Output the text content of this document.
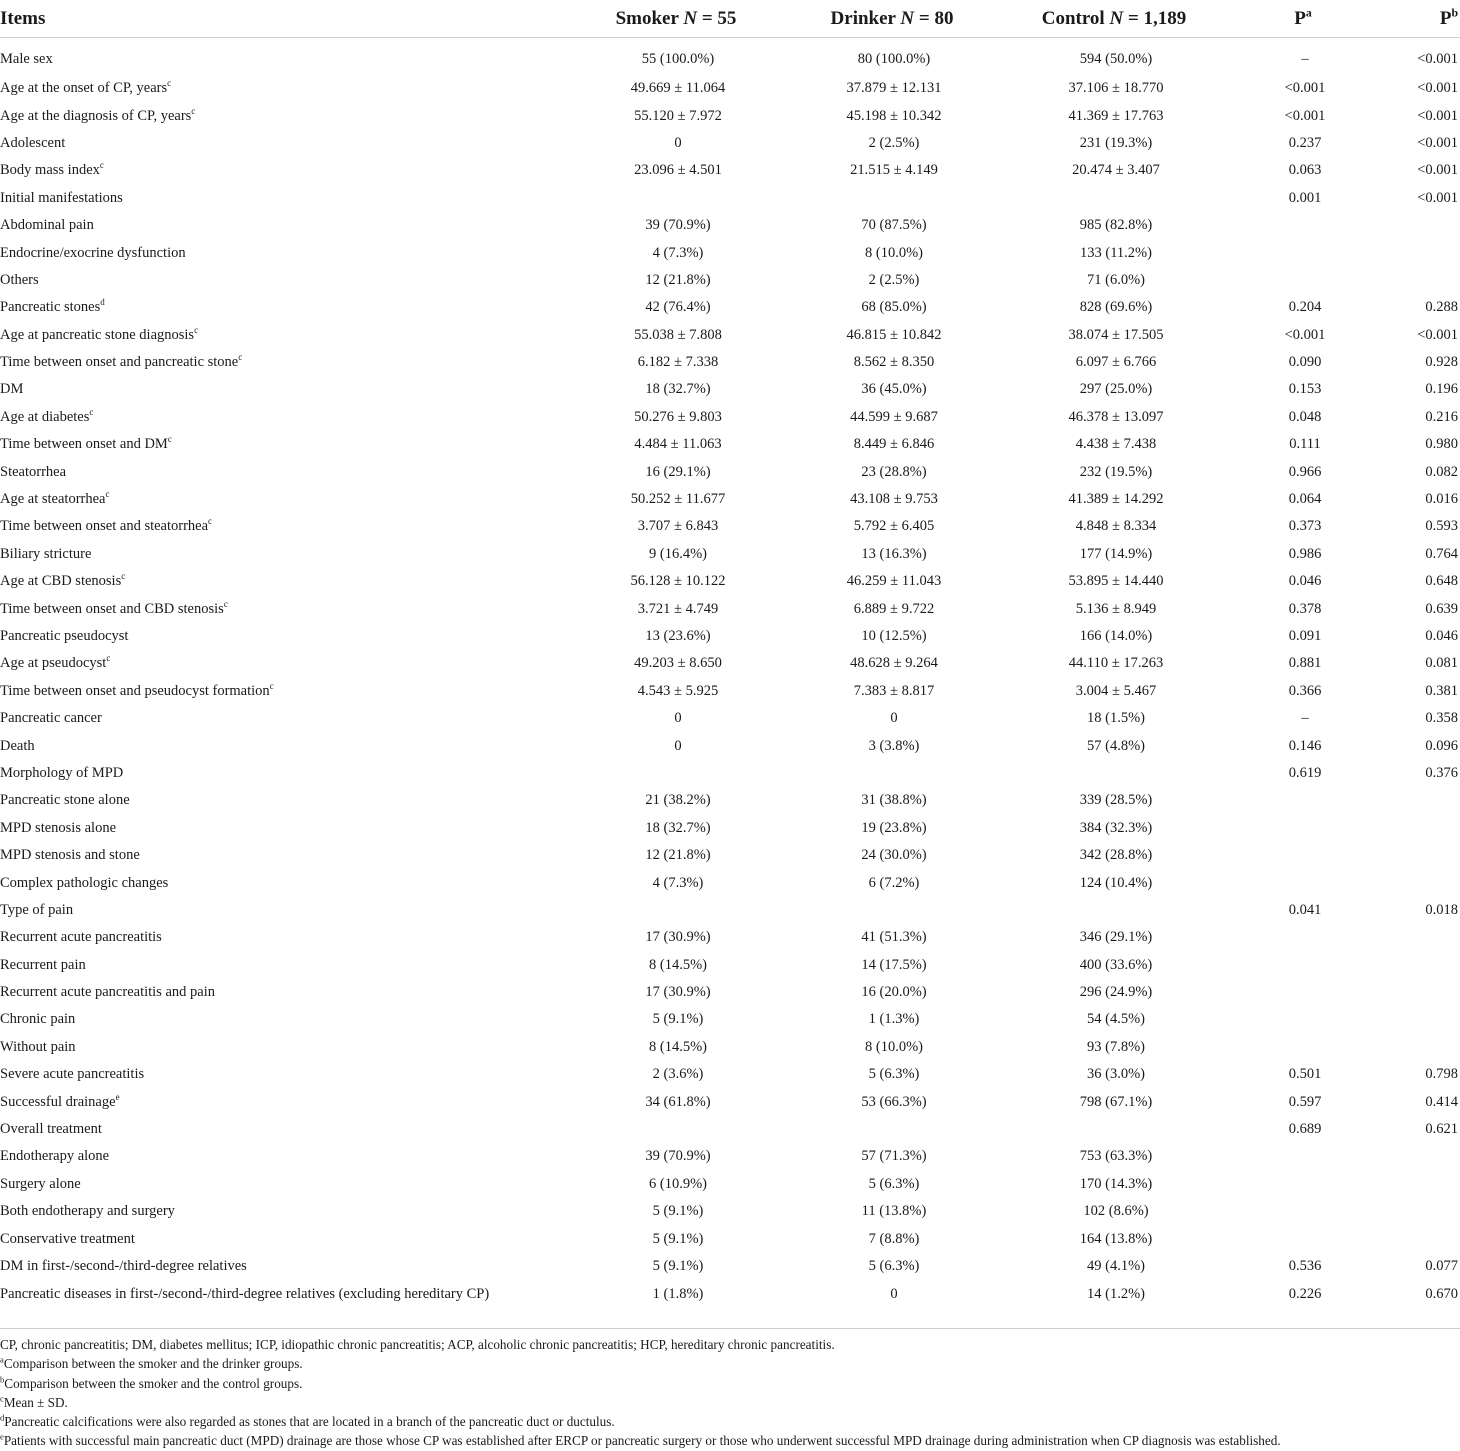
Items	Smoker N = 55	Drinker N = 80	Control N = 1,189	$P^a$	$P^b$
Male sex	55 (100.0%)	80 (100.0%)	594 (50.0%)	–	<0.001
Age at the onset of CP, years$^c$	49.669 ± 11.064	37.879 ± 12.131	37.106 ± 18.770	<0.001	<0.001
Age at the diagnosis of CP, years$^c$	55.120 ± 7.972	45.198 ± 10.342	41.369 ± 17.763	<0.001	<0.001
Adolescent	0	2 (2.5%)	231 (19.3%)	0.237	<0.001
Body mass index$^c$	23.096 ± 4.501	21.515 ± 4.149	20.474 ± 3.407	0.063	<0.001
Initial manifestations				0.001	<0.001
Abdominal pain	39 (70.9%)	70 (87.5%)	985 (82.8%)		
Endocrine/exocrine dysfunction	4 (7.3%)	8 (10.0%)	133 (11.2%)		
Others	12 (21.8%)	2 (2.5%)	71 (6.0%)		
Pancreatic stones$^d$	42 (76.4%)	68 (85.0%)	828 (69.6%)	0.204	0.288
Age at pancreatic stone diagnosis$^c$	55.038 ± 7.808	46.815 ± 10.842	38.074 ± 17.505	<0.001	<0.001
Time between onset and pancreatic stone$^c$	6.182 ± 7.338	8.562 ± 8.350	6.097 ± 6.766	0.090	0.928
DM	18 (32.7%)	36 (45.0%)	297 (25.0%)	0.153	0.196
Age at diabetes$^c$	50.276 ± 9.803	44.599 ± 9.687	46.378 ± 13.097	0.048	0.216
Time between onset and $DM^c$	4.484 ± 11.063	8.449 ± 6.846	4.438 ± 7.438	0.111	0.980
Steatorrhea	16 (29.1%)	23 (28.8%)	232 (19.5%)	0.966	0.082
Age at steatorrhea$^c$	50.252 ± 11.677	43.108 ± 9.753	41.389 ± 14.292	0.064	0.016
Time between onset and steatorrhea$^c$	3.707 ± 6.843	5.792 ± 6.405	4.848 ± 8.334	0.373	0.593
Biliary stricture	9 (16.4%)	13 (16.3%)	177 (14.9%)	0.986	0.764
Age at CBD stenosis$^c$	56.128 ± 10.122	46.259 ± 11.043	53.895 ± 14.440	0.046	0.648
Time between onset and CBD stenosis$^c$	3.721 ± 4.749	6.889 ± 9.722	5.136 ± 8.949	0.378	0.639
Pancreatic pseudocyst	13 (23.6%)	10 (12.5%)	166 (14.0%)	0.091	0.046
Age at pseudocyst$^c$	49.203 ± 8.650	48.628 ± 9.264	44.110 ± 17.263	0.881	0.081
Time between onset and pseudocyst formation$^c$	4.543 ± 5.925	7.383 ± 8.817	3.004 ± 5.467	0.366	0.381
Pancreatic cancer	0	0	18 (1.5%)	–	0.358
Death	0	3 (3.8%)	57 (4.8%)	0.146	0.096
Morphology of MPD				0.619	0.376
Pancreatic stone alone	21 (38.2%)	31 (38.8%)	339 (28.5%)		
MPD stenosis alone	18 (32.7%)	19 (23.8%)	384 (32.3%)		
MPD stenosis and stone	12 (21.8%)	24 (30.0%)	342 (28.8%)		
Complex pathologic changes	4 (7.3%)	6 (7.2%)	124 (10.4%)		
Type of pain				0.041	0.018
Recurrent acute pancreatitis	17 (30.9%)	41 (51.3%)	346 (29.1%)		
Recurrent pain	8 (14.5%)	14 (17.5%)	400 (33.6%)		
Recurrent acute pancreatitis and pain	17 (30.9%)	16 (20.0%)	296 (24.9%)		
Chronic pain	5 (9.1%)	1 (1.3%)	54 (4.5%)		
Without pain	8 (14.5%)	8 (10.0%)	93 (7.8%)		
Severe acute pancreatitis	2 (3.6%)	5 (6.3%)	36 (3.0%)	0.501	0.798
Successful drainage$^e$	34 (61.8%)	53 (66.3%)	798 (67.1%)	0.597	0.414
Overall treatment				0.689	0.621
Endotherapy alone	39 (70.9%)	57 (71.3%)	753 (63.3%)		
Surgery alone	6 (10.9%)	5 (6.3%)	170 (14.3%)		
Both endotherapy and surgery	5 (9.1%)	11 (13.8%)	102 (8.6%)		
Conservative treatment	5 (9.1%)	7 (8.8%)	164 (13.8%)		
DM in first-/second-/third-degree relatives	5 (9.1%)	5 (6.3%)	49 (4.1%)	0.536	0.077
Pancreatic diseases in first-/second-/third-degree relatives (excluding hereditary CP)	1 (1.8%)	0	14 (1.2%)	0.226	0.670
CP, chronic pancreatitis; DM, diabetes mellitus; ICP, idiopathic chronic pancreatitis; ACP, alcoholic chronic pancreatitis; HCP, hereditary chronic pancreatitis.
$^a$Comparison between the smoker and the drinker groups.
$^b$Comparison between the smoker and the control groups.
$^c$Mean ± SD.
$^d$Pancreatic calcifications were also regarded as stones that are located in a branch of the pancreatic duct or ductulus.
$^e$Patients with successful main pancreatic duct (MPD) drainage are those whose CP was established after ERCP or pancreatic surgery or those who underwent successful MPD drainage during administration when CP diagnosis was established.
